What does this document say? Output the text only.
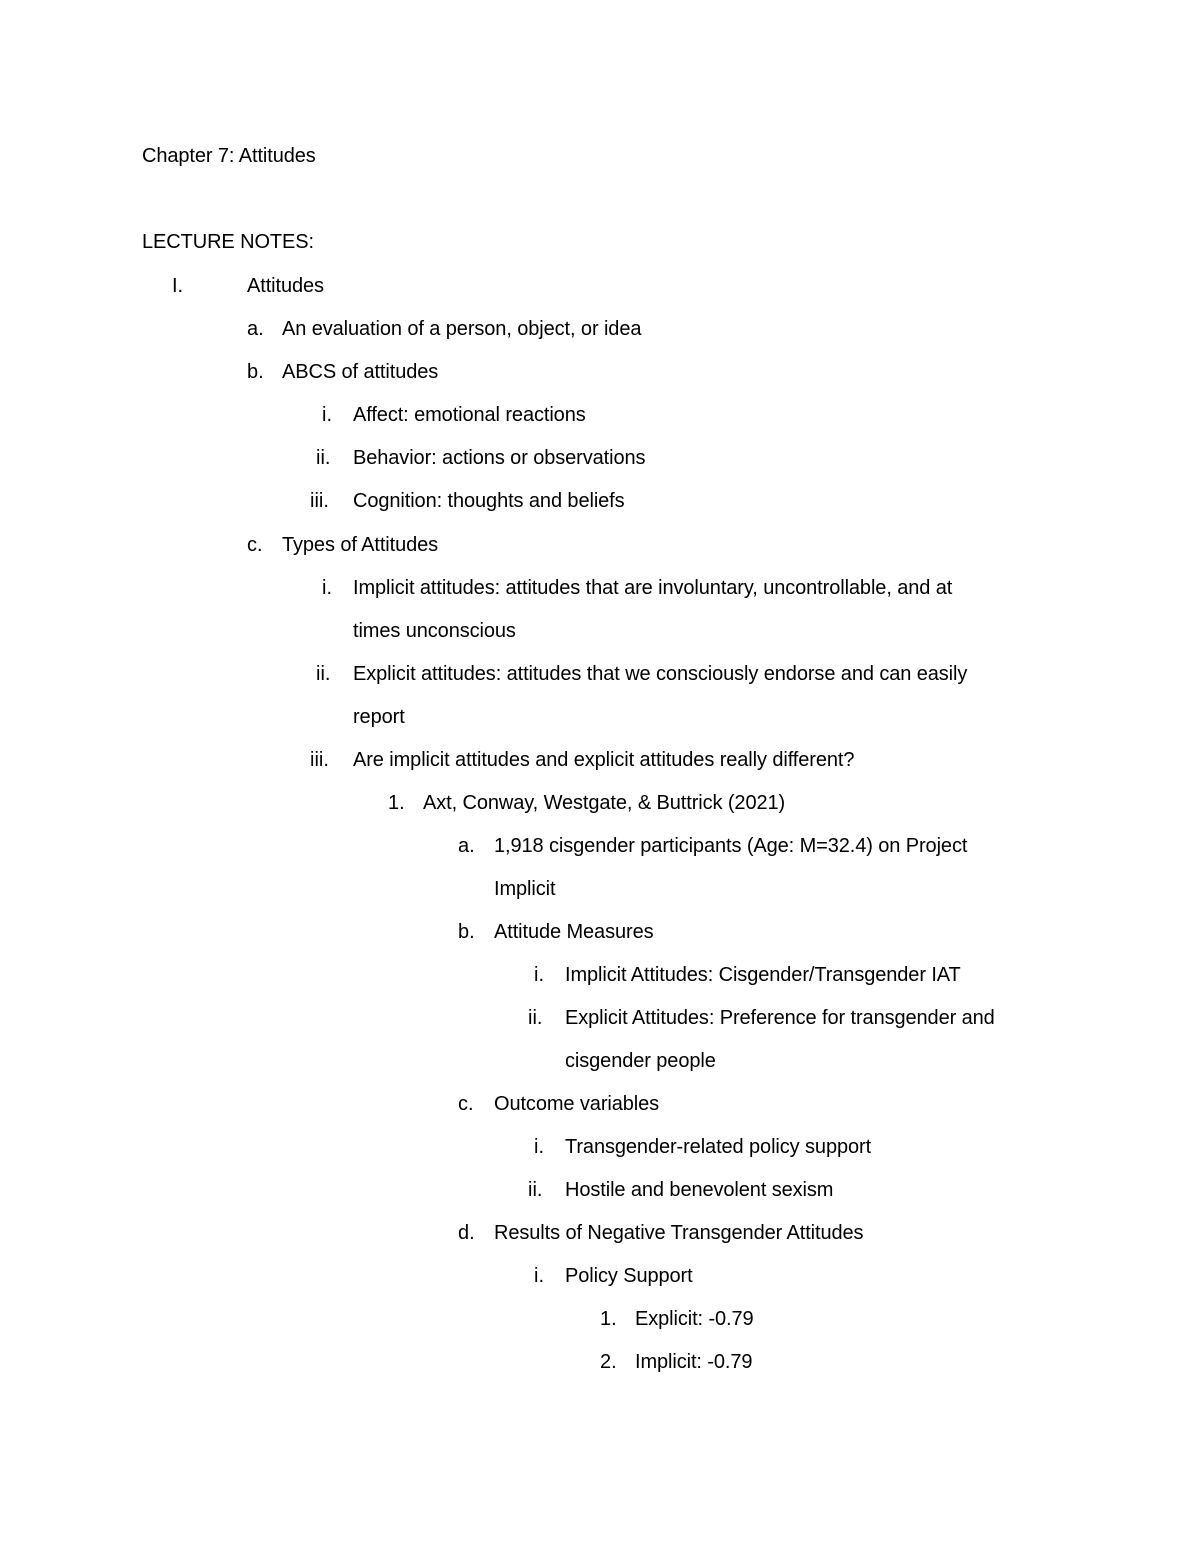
Chapter 7: Attitudes
LECTURE NOTES:
I.	Attitudes
a. An evaluation of a person, object, or idea
b. ABCS of attitudes
i. Affect: emotional reactions
ii. Behavior: actions or observations
iii. Cognition: thoughts and beliefs
c. Types of Attitudes
i. Implicit attitudes: attitudes that are involuntary, uncontrollable, and at
times unconscious
ii. Explicit attitudes: attitudes that we consciously endorse and can easily
report
iii. Are implicit attitudes and explicit attitudes really different?
1. Axt, Conway, Westgate, & Buttrick (2021)
a. 1,918 cisgender participants (Age: M=32.4) on Project
Implicit
b. Attitude Measures
i. Implicit Attitudes: Cisgender/Transgender IAT
ii. Explicit Attitudes: Preference for transgender and
cisgender people
c. Outcome variables
i. Transgender-related policy support
ii. Hostile and benevolent sexism
d. Results of Negative Transgender Attitudes
i. Policy Support
1. Explicit: -0.79
2. Implicit: -0.79
